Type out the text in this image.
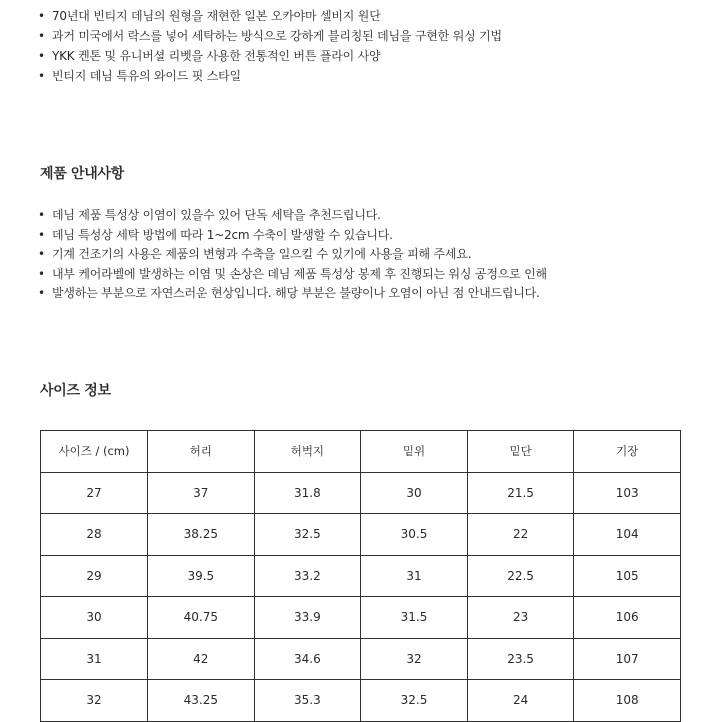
• 70년대 빈티지 데님의 원형을 재현한 일본 오카야마 셀비지 원단
• 과거 미국에서 락스를 넣어 세탁하는 방식으로 강하게 블리칭된 데님을 구현한 워싱 기법
• YKK 켄톤 및 유니버셜 리벳을 사용한 전통적인 버튼 플라이 사양
• 빈티지 데님 특유의 와이드 핏 스타일
제품 안내사항
• 데님 제품 특성상 이염이 있을수 있어 단독 세탁을 추천드립니다.
• 데님 특성상 세탁 방법에 따라 1~2cm 수축이 발생할 수 있습니다.
• 기계 건조기의 사용은 제품의 변형과 수축을 일으킬 수 있기에 사용을 피해 주세요.
• 내부 케어라벨에 발생하는 이염 및 손상은 데님 제품 특성상 봉제 후 진행되는 워싱 공정으로 인해
• 발생하는 부분으로 자연스러운 현상입니다. 해당 부분은 불량이나 오염이 아닌 점 안내드립니다.
사이즈 정보
사이즈 / (cm)	허리	허벅지	밑위	밑단	기장
27	37	31.8	30	21.5	103
28	38.25	32.5	30.5	22	104
29	39.5	33.2	31	22.5	105
30	40.75	33.9	31.5	23	106
31	42	34.6	32	23.5	107
32	43.25	35.3	32.5	24	108
